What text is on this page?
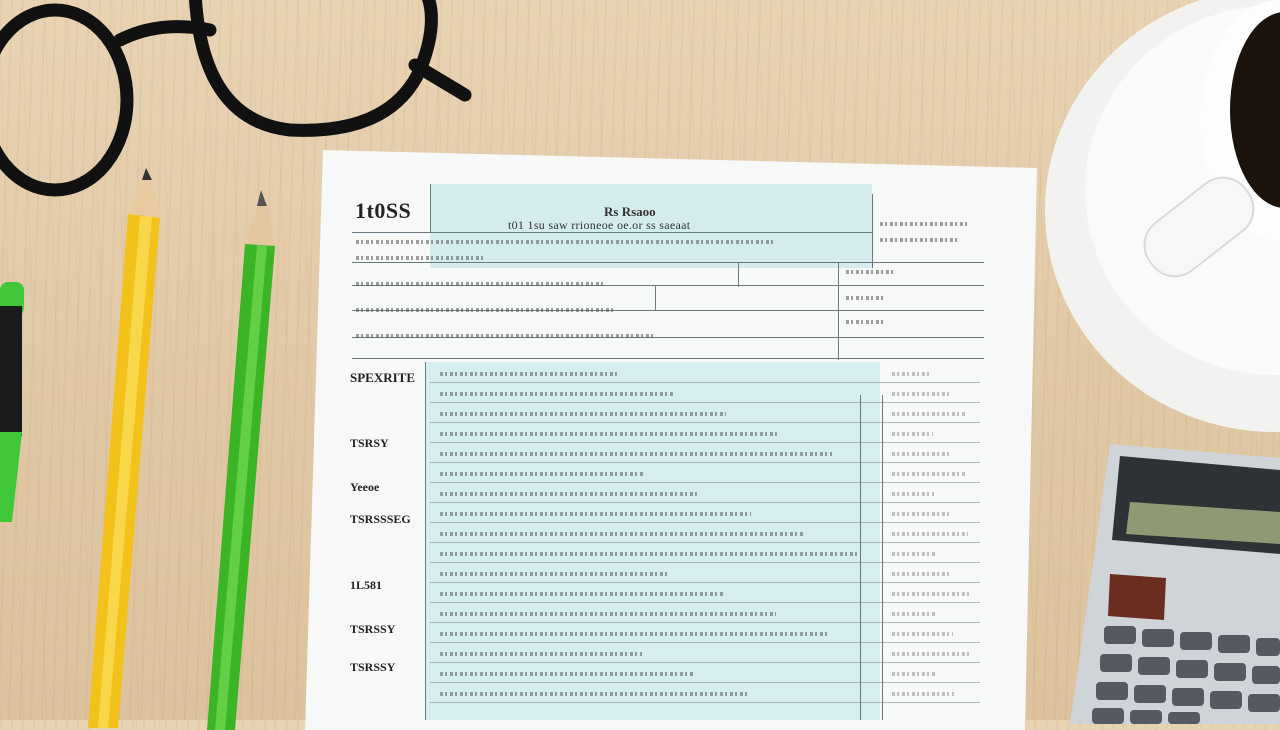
1t0SS	Rs Rsaoo
t01 1su saw rrioneoe oe.or ss saeaat
SPEXRITE
TSRSY
Yeeoe
TSRSSSEG
1L581
TSRSSY
TSRSSY
